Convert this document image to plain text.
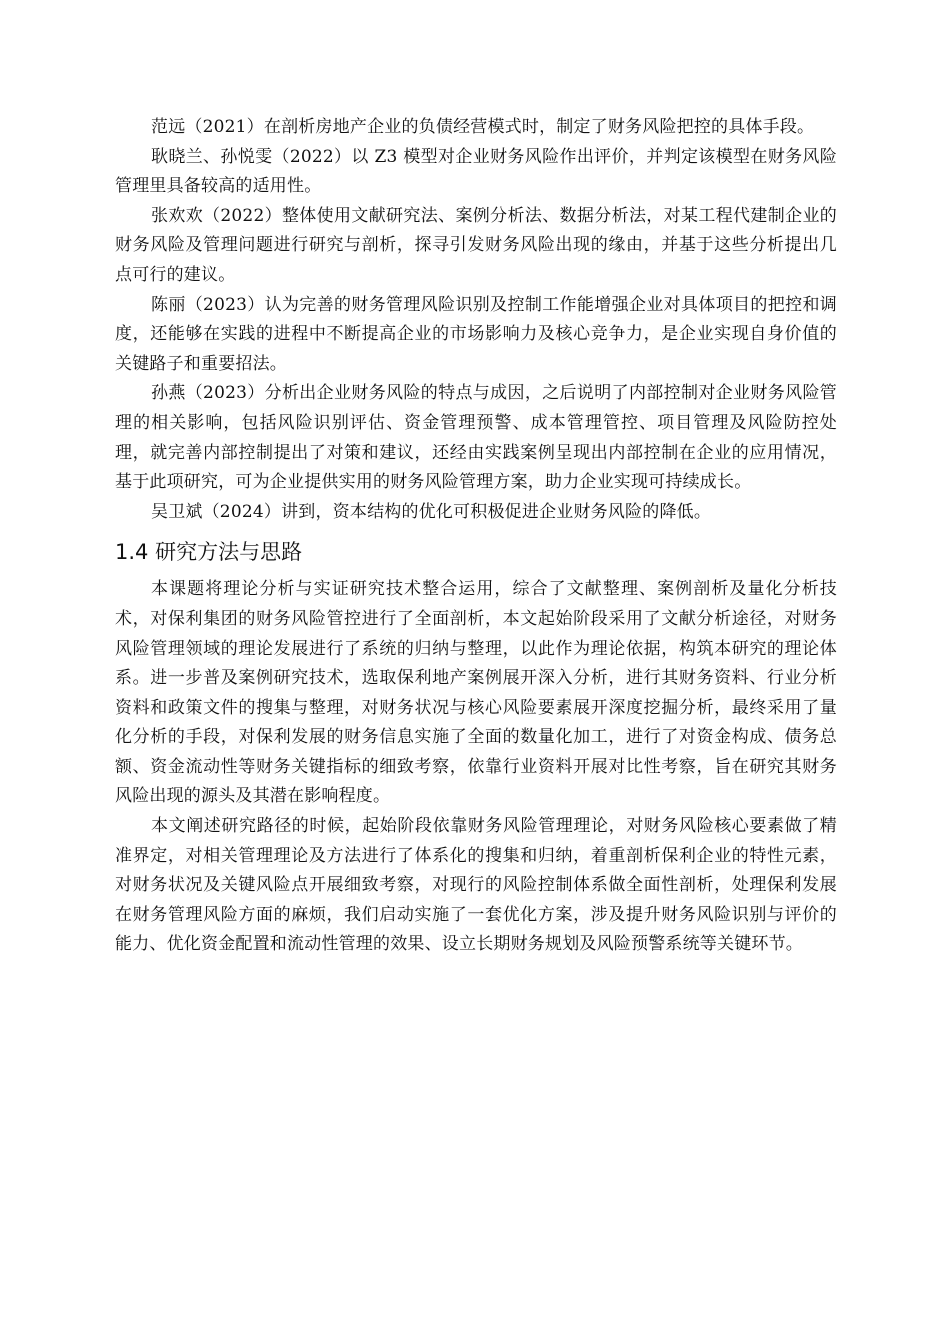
范远（2021）在剖析房地产企业的负债经营模式时，制定了财务风险把控的具体手段。

耿晓兰、孙悦雯（2022）以 Z3 模型对企业财务风险作出评价，并判定该模型在财务风险管理里具备较高的适用性。

张欢欢（2022）整体使用文献研究法、案例分析法、数据分析法，对某工程代建制企业的财务风险及管理问题进行研究与剖析，探寻引发财务风险出现的缘由，并基于这些分析提出几点可行的建议。

陈丽（2023）认为完善的财务管理风险识别及控制工作能增强企业对具体项目的把控和调度，还能够在实践的进程中不断提高企业的市场影响力及核心竞争力，是企业实现自身价值的关键路子和重要招法。

孙燕（2023）分析出企业财务风险的特点与成因，之后说明了内部控制对企业财务风险管理的相关影响，包括风险识别评估、资金管理预警、成本管理管控、项目管理及风险防控处理，就完善内部控制提出了对策和建议，还经由实践案例呈现出内部控制在企业的应用情况，基于此项研究，可为企业提供实用的财务风险管理方案，助力企业实现可持续成长。

吴卫斌（2024）讲到，资本结构的优化可积极促进企业财务风险的降低。

1.4 研究方法与思路

本课题将理论分析与实证研究技术整合运用，综合了文献整理、案例剖析及量化分析技术，对保利集团的财务风险管控进行了全面剖析，本文起始阶段采用了文献分析途径，对财务风险管理领域的理论发展进行了系统的归纳与整理，以此作为理论依据，构筑本研究的理论体系。进一步普及案例研究技术，选取保利地产案例展开深入分析，进行其财务资料、行业分析资料和政策文件的搜集与整理，对财务状况与核心风险要素展开深度挖掘分析，最终采用了量化分析的手段，对保利发展的财务信息实施了全面的数量化加工，进行了对资金构成、债务总额、资金流动性等财务关键指标的细致考察，依靠行业资料开展对比性考察，旨在研究其财务风险出现的源头及其潜在影响程度。

本文阐述研究路径的时候，起始阶段依靠财务风险管理理论，对财务风险核心要素做了精准界定，对相关管理理论及方法进行了体系化的搜集和归纳，着重剖析保利企业的特性元素，对财务状况及关键风险点开展细致考察，对现行的风险控制体系做全面性剖析，处理保利发展在财务管理风险方面的麻烦，我们启动实施了一套优化方案，涉及提升财务风险识别与评价的能力、优化资金配置和流动性管理的效果、设立长期财务规划及风险预警系统等关键环节。
